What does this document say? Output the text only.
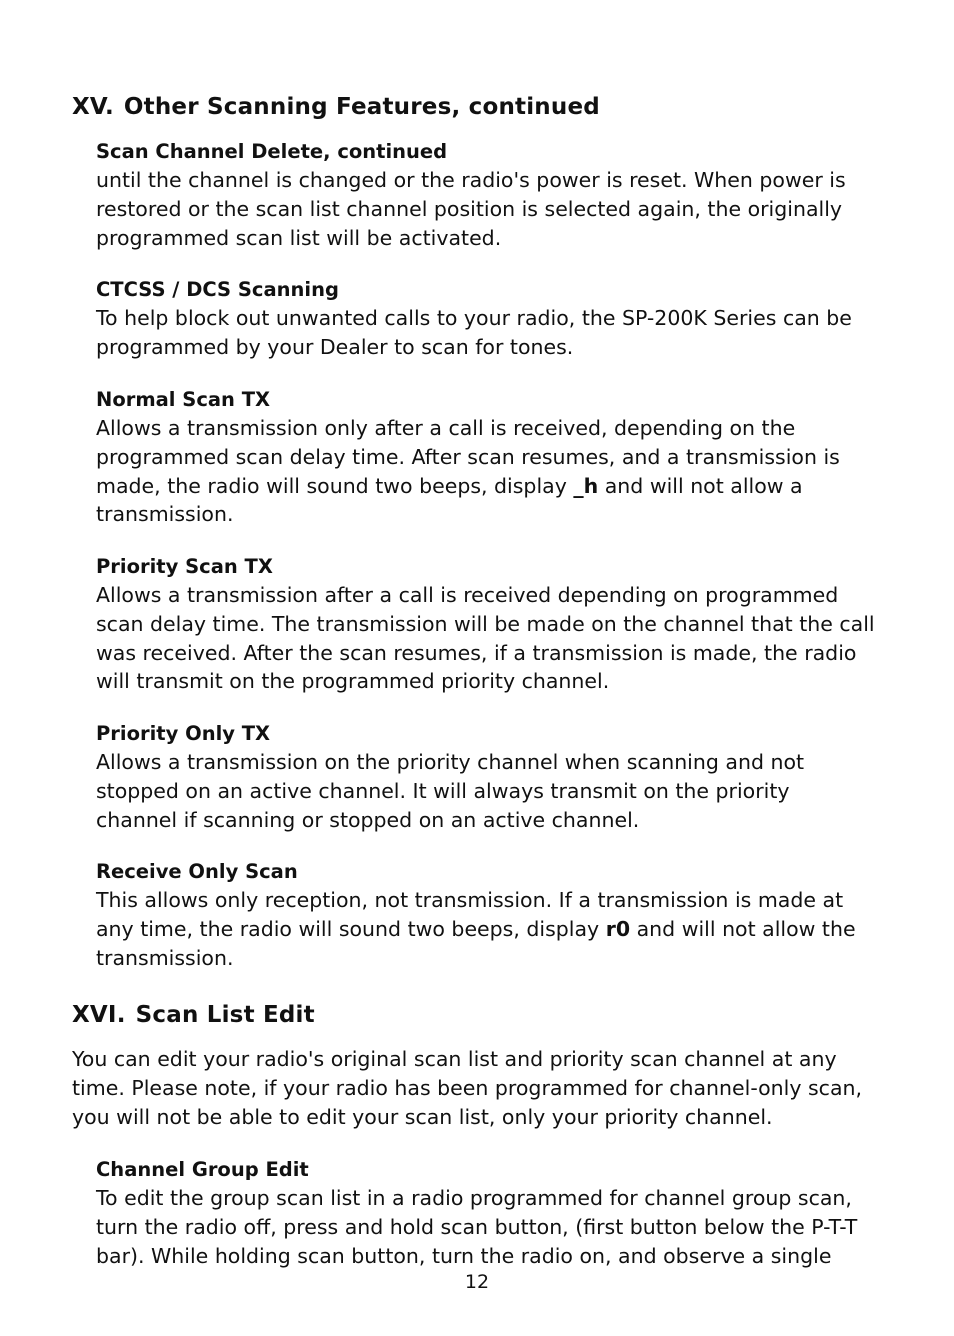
XV. Other Scanning Features, continued
Scan Channel Delete, continued

until the channel is changed or the radio's power is reset. When power is
restored or the scan list channel position is selected again, the originally
programmed scan list will be activated.

CTCSS / DCS Scanning

To help block out unwanted calls to your radio, the SP-200K Series can be
programmed by your Dealer to scan for tones.

Normal Scan TX

Allows a transmission only after a call is received, depending on the
programmed scan delay time. After scan resumes, and a transmission is
made, the radio will sound two beeps, display _h and will not allow a
transmission.

Priority Scan TX

Allows a transmission after a call is received depending on programmed
scan delay time. The transmission will be made on the channel that the call
was received. After the scan resumes, if a transmission is made, the radio
will transmit on the programmed priority channel.

Priority Only TX

Allows a transmission on the priority channel when scanning and not
stopped on an active channel. It will always transmit on the priority
channel if scanning or stopped on an active channel.

Receive Only Scan

This allows only reception, not transmission. If a transmission is made at
any time, the radio will sound two beeps, display r0 and will not allow the
transmission.

XVI. Scan List Edit

You can edit your radio's original scan list and priority scan channel at any
time. Please note, if your radio has been programmed for channel-only scan,
you will not be able to edit your scan list, only your priority channel.

Channel Group Edit

To edit the group scan list in a radio programmed for channel group scan,
turn the radio off, press and hold scan button, (first button below the P-T-T
bar). While holding scan button, turn the radio on, and observe a single

12
